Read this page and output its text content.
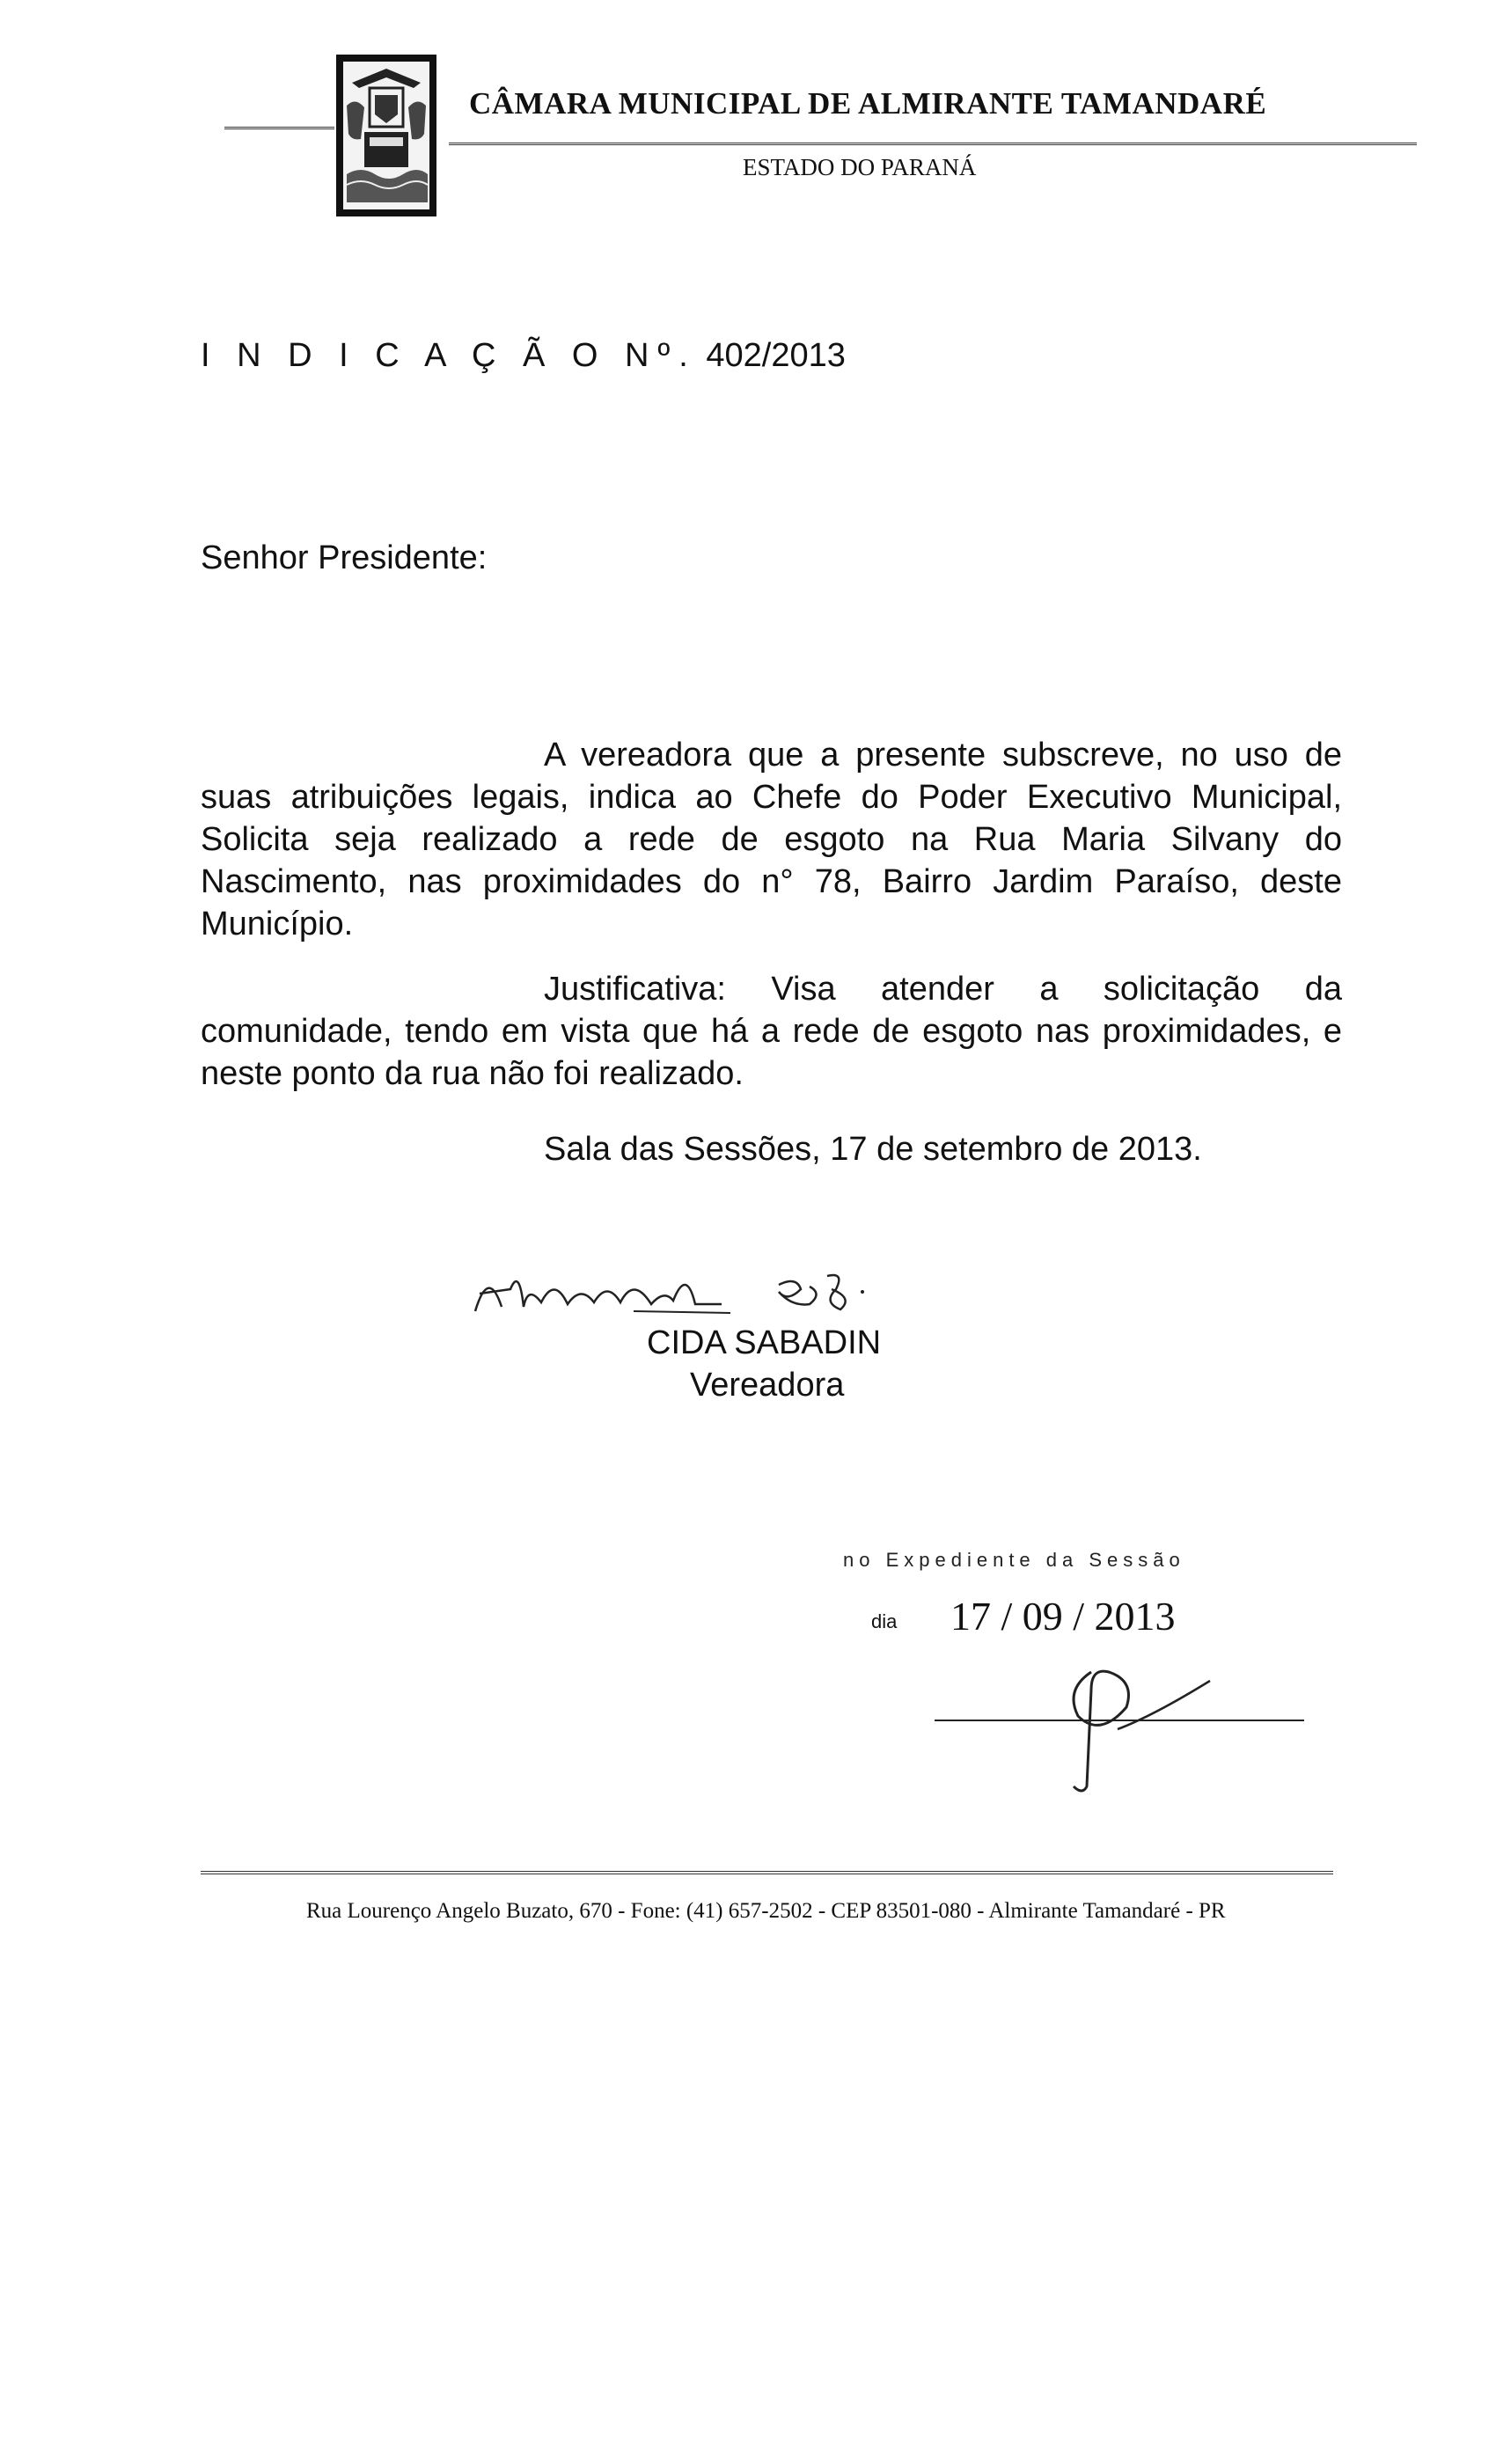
CÂMARA MUNICIPAL DE ALMIRANTE TAMANDARÉ
ESTADO DO PARANÁ
I N D I C A Ç Ã O Nº. 402/2013
Senhor Presidente:
A vereadora que a presente subscreve, no uso de suas atribuições legais, indica ao Chefe do Poder Executivo Municipal, Solicita seja realizado a rede de esgoto na Rua Maria Silvany do Nascimento, nas proximidades do n° 78, Bairro Jardim Paraíso, deste Município.
Justificativa: Visa atender a solicitação da comunidade, tendo em vista que há a rede de esgoto nas proximidades, e neste ponto da rua não foi realizado.
Sala das Sessões, 17 de setembro de 2013.
CIDA SABADIN
Vereadora
no Expediente da Sessão
dia 17 / 09 / 2013
Rua Lourenço Angelo Buzato, 670 - Fone: (41) 657-2502 - CEP 83501-080 - Almirante Tamandaré - PR
